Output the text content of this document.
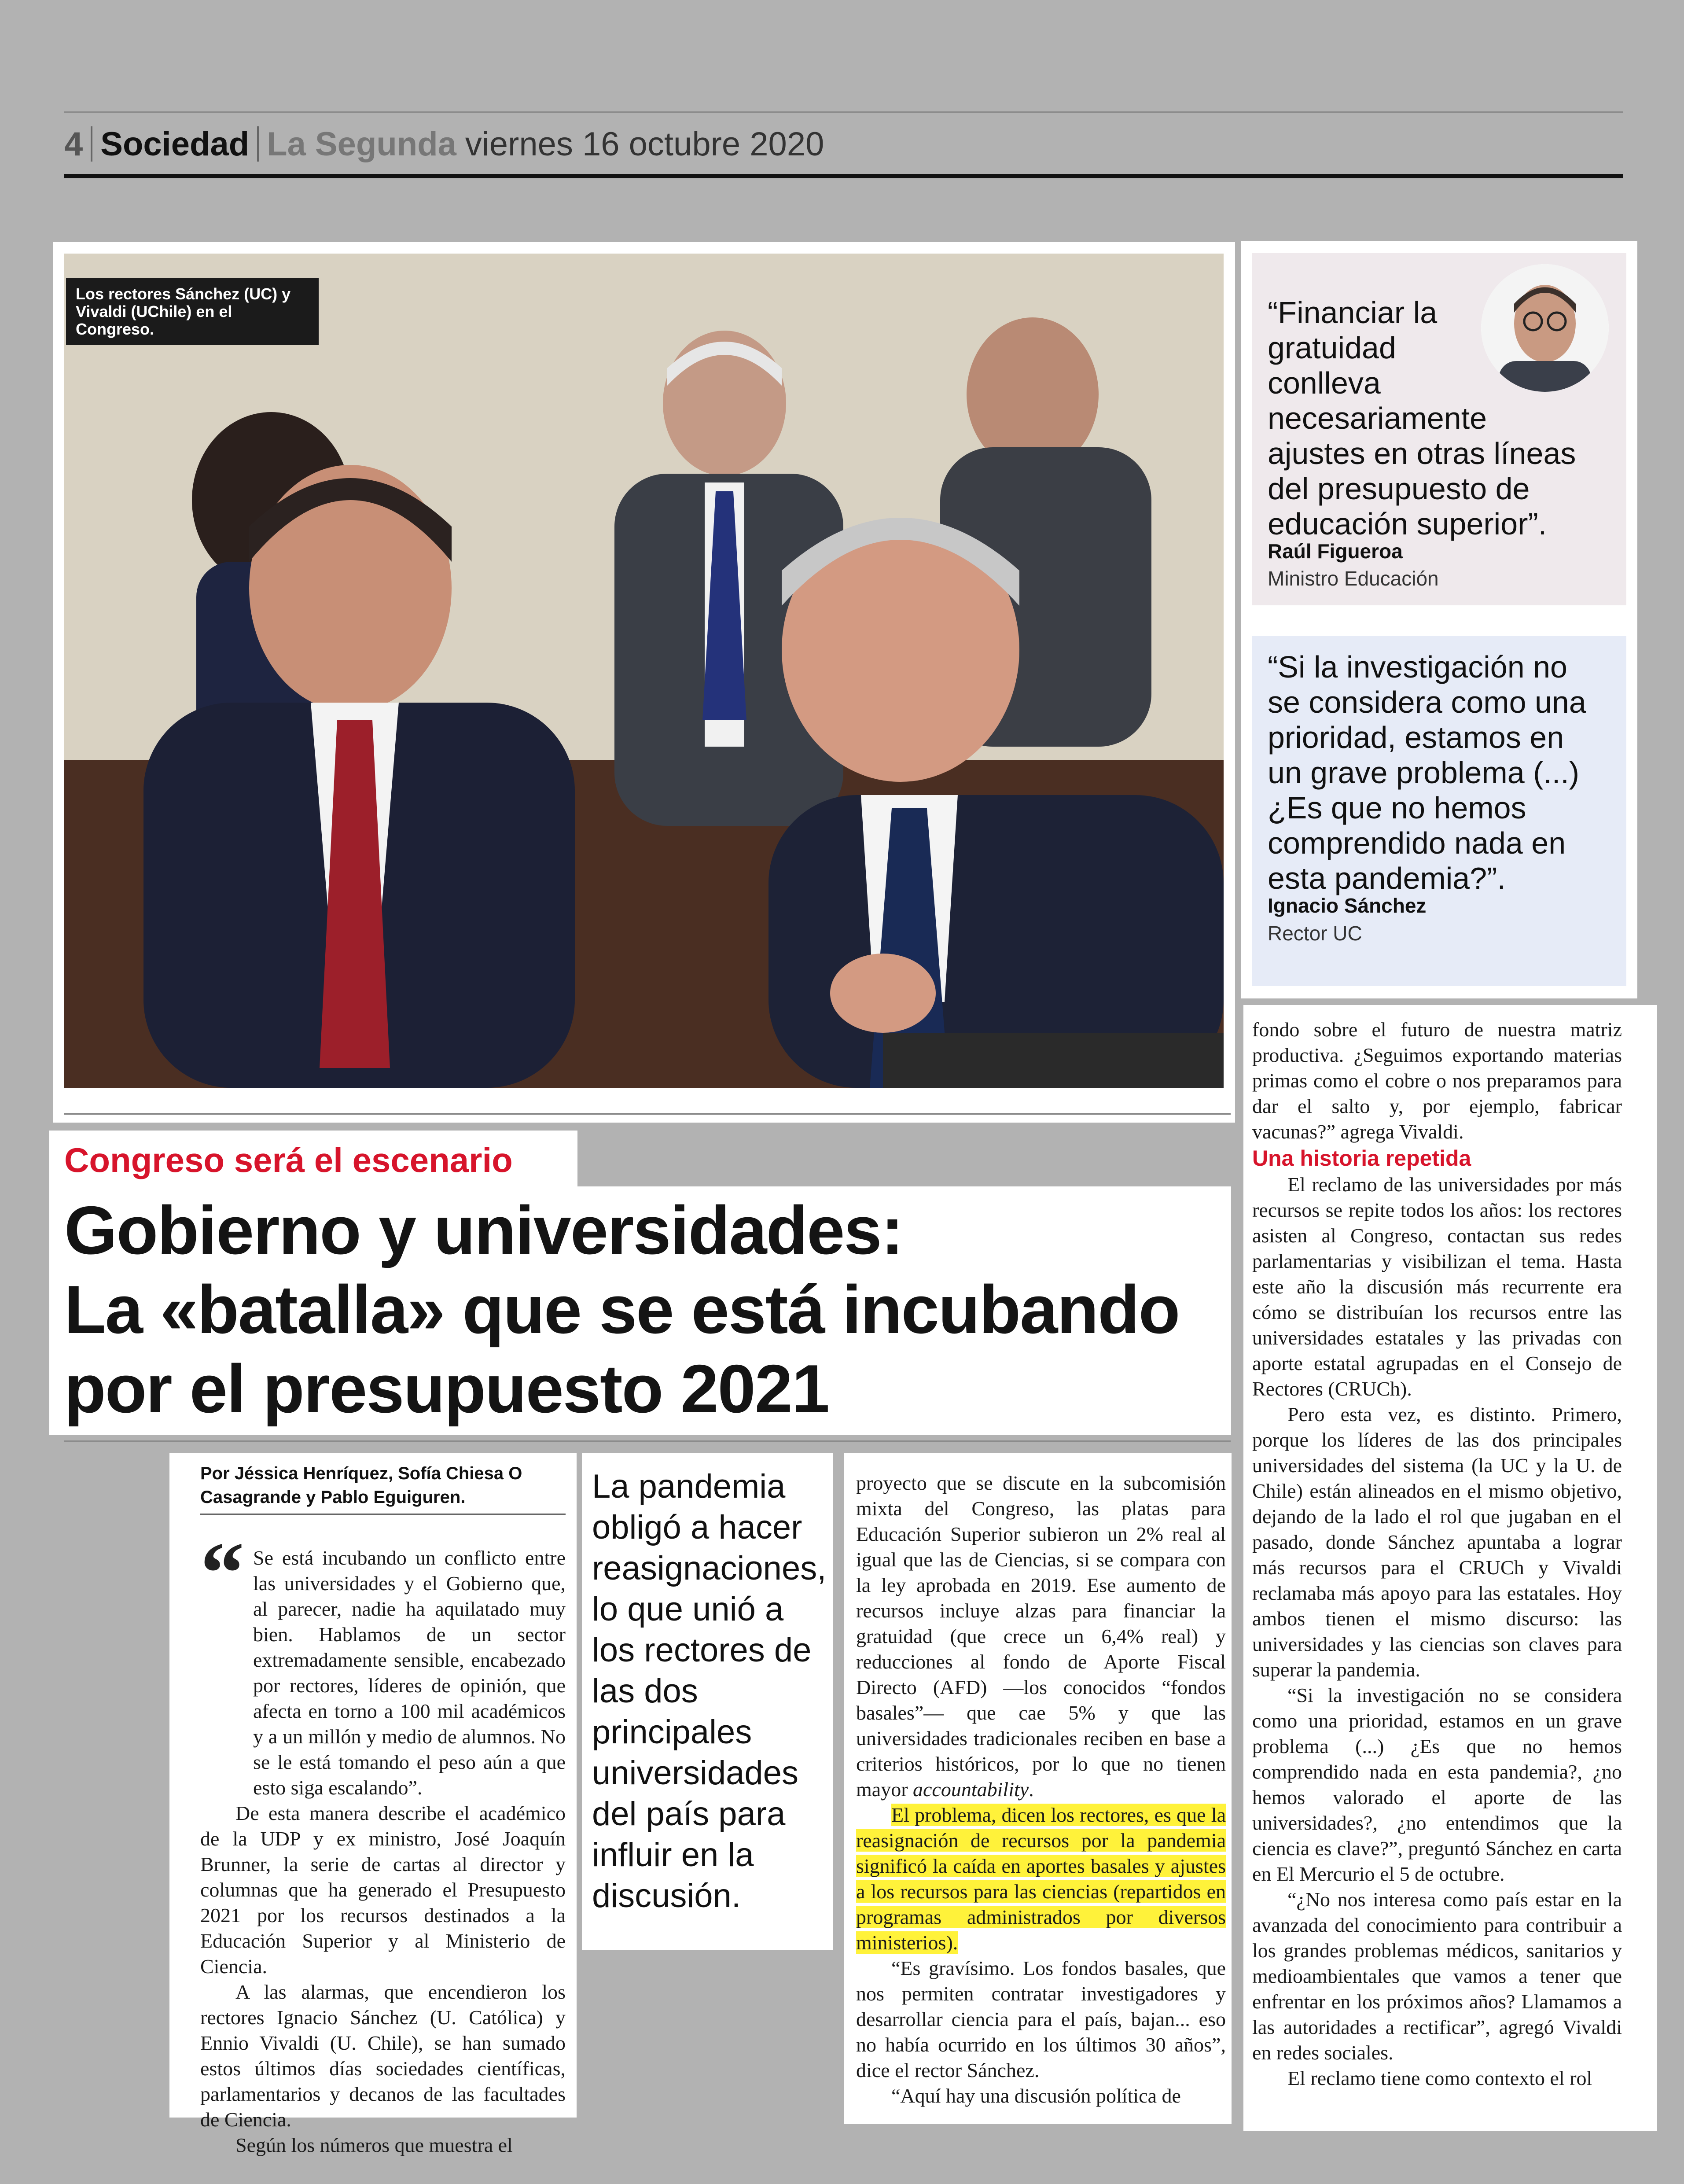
4 Sociedad La Segunda viernes 16 octubre 2020
Los rectores Sánchez (UC) y Vivaldi (UChile) en el Congreso.	“Financiar la
gratuidad
conlleva
necesariamente
ajustes en otras líneas
del presupuesto de
educación superior”.
Raúl Figueroa
Ministro Educación
“Si la investigación no
se considera como una
prioridad, estamos en
un grave problema (...)
¿Es que no hemos
comprendido nada en
esta pandemia?”.
Ignacio Sánchez
Rector UC
Congreso será el escenario
Gobierno y universidades:
La «batalla» que se está incubando
por el presupuesto 2021
Por Jéssica Henríquez, Sofía Chiesa O Casagrande y Pablo Eguiguren.
“ Se está incubando un conflicto entre las universidades y el Gobierno que, al parecer, nadie ha aquilatado muy bien. Hablamos de un sector extremadamente sensible, encabezado por rectores, líderes de opinión, que afecta en torno a 100 mil académicos y a un millón y medio de alumnos. No se le está tomando el peso aún a que esto siga escalando”.

De esta manera describe el académico de la UDP y ex ministro, José Joaquín Brunner, la serie de cartas al director y columnas que ha generado el Presupuesto 2021 por los recursos destinados a la Educación Superior y al Ministerio de Ciencia.

A las alarmas, que encendieron los rectores Ignacio Sánchez (U. Católica) y Ennio Vivaldi (U. Chile), se han sumado estos últimos días sociedades científicas, parlamentarios y decanos de las facultades de Ciencia.

Según los números que muestra el

La pandemia obligó a hacer reasignaciones, lo que unió a los rectores de las dos principales universidades del país para influir en la discusión.

proyecto que se discute en la subcomisión mixta del Congreso, las platas para Educación Superior subieron un 2% real al igual que las de Ciencias, si se compara con la ley aprobada en 2019. Ese aumento de recursos incluye alzas para financiar la gratuidad (que crece un 6,4% real) y reducciones al fondo de Aporte Fiscal Directo (AFD) —los conocidos “fondos basales”— que cae 5% y que las universidades tradicionales reciben en base a criterios históricos, por lo que no tienen mayor accountability.

El problema, dicen los rectores, es que la reasignación de recursos por la pandemia significó la caída en aportes basales y ajustes a los recursos para las ciencias (repartidos en programas administrados por diversos ministerios).

“Es gravísimo. Los fondos basales, que nos permiten contratar investigadores y desarrollar ciencia para el país, bajan... eso no había ocurrido en los últimos 30 años”, dice el rector Sánchez.

“Aquí hay una discusión política de

fondo sobre el futuro de nuestra matriz productiva. ¿Seguimos exportando materias primas como el cobre o nos preparamos para dar el salto y, por ejemplo, fabricar vacunas?” agrega Vivaldi.

Una historia repetida

El reclamo de las universidades por más recursos se repite todos los años: los rectores asisten al Congreso, contactan sus redes parlamentarias y visibilizan el tema. Hasta este año la discusión más recurrente era cómo se distribuían los recursos entre las universidades estatales y las privadas con aporte estatal agrupadas en el Consejo de Rectores (CRUCh).

Pero esta vez, es distinto. Primero, porque los líderes de las dos principales universidades del sistema (la UC y la U. de Chile) están alineados en el mismo objetivo, dejando de la lado el rol que jugaban en el pasado, donde Sánchez apuntaba a lograr más recursos para el CRUCh y Vivaldi reclamaba más apoyo para las estatales. Hoy ambos tienen el mismo discurso: las universidades y las ciencias son claves para superar la pandemia.

“Si la investigación no se considera como una prioridad, estamos en un grave problema (...) ¿Es que no hemos comprendido nada en esta pandemia?, ¿no hemos valorado el aporte de las universidades?, ¿no entendimos que la ciencia es clave?”, preguntó Sánchez en carta en El Mercurio el 5 de octubre.

“¿No nos interesa como país estar en la avanzada del conocimiento para contribuir a los grandes problemas médicos, sanitarios y medioambientales que vamos a tener que enfrentar en los próximos años? Llamamos a las autoridades a rectificar”, agregó Vivaldi en redes sociales.

El reclamo tiene como contexto el rol
